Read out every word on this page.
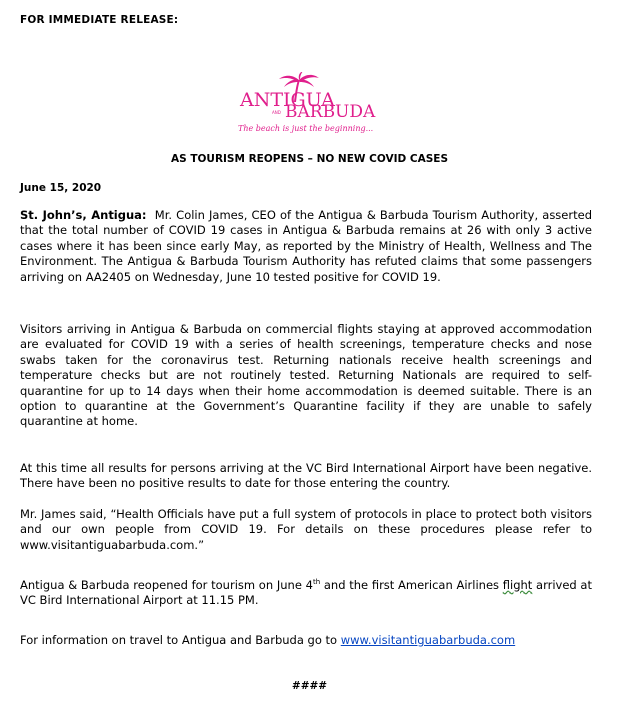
FOR IMMEDIATE RELEASE:
ANTIGUA
AND BARBUDA
The beach is just the beginning...
AS TOURISM REOPENS – NO NEW COVID CASES
June 15, 2020

St. John’s, Antigua: Mr. Colin James, CEO of the Antigua & Barbuda Tourism Authority, asserted that the total number of COVID 19 cases in Antigua & Barbuda remains at 26 with only 3 active cases where it has been since early May, as reported by the Ministry of Health, Wellness and The Environment. The Antigua & Barbuda Tourism Authority has refuted claims that some passengers arriving on AA2405 on Wednesday, June 10 tested positive for COVID 19.

Visitors arriving in Antigua & Barbuda on commercial flights staying at approved accommodation are evaluated for COVID 19 with a series of health screenings, temperature checks and nose swabs taken for the coronavirus test. Returning nationals receive health screenings and temperature checks but are not routinely tested. Returning Nationals are required to self-quarantine for up to 14 days when their home accommodation is deemed suitable. There is an option to quarantine at the Government’s Quarantine facility if they are unable to safely quarantine at home.

At this time all results for persons arriving at the VC Bird International Airport have been negative. There have been no positive results to date for those entering the country.

Mr. James said, “Health Officials have put a full system of protocols in place to protect both visitors and our own people from COVID 19. For details on these procedures please refer to www.visitantiguabarbuda.com.”

Antigua & Barbuda reopened for tourism on June 4th and the first American Airlines flight arrived at VC Bird International Airport at 11.15 PM.

For information on travel to Antigua and Barbuda go to www.visitantiguabarbuda.com

####
